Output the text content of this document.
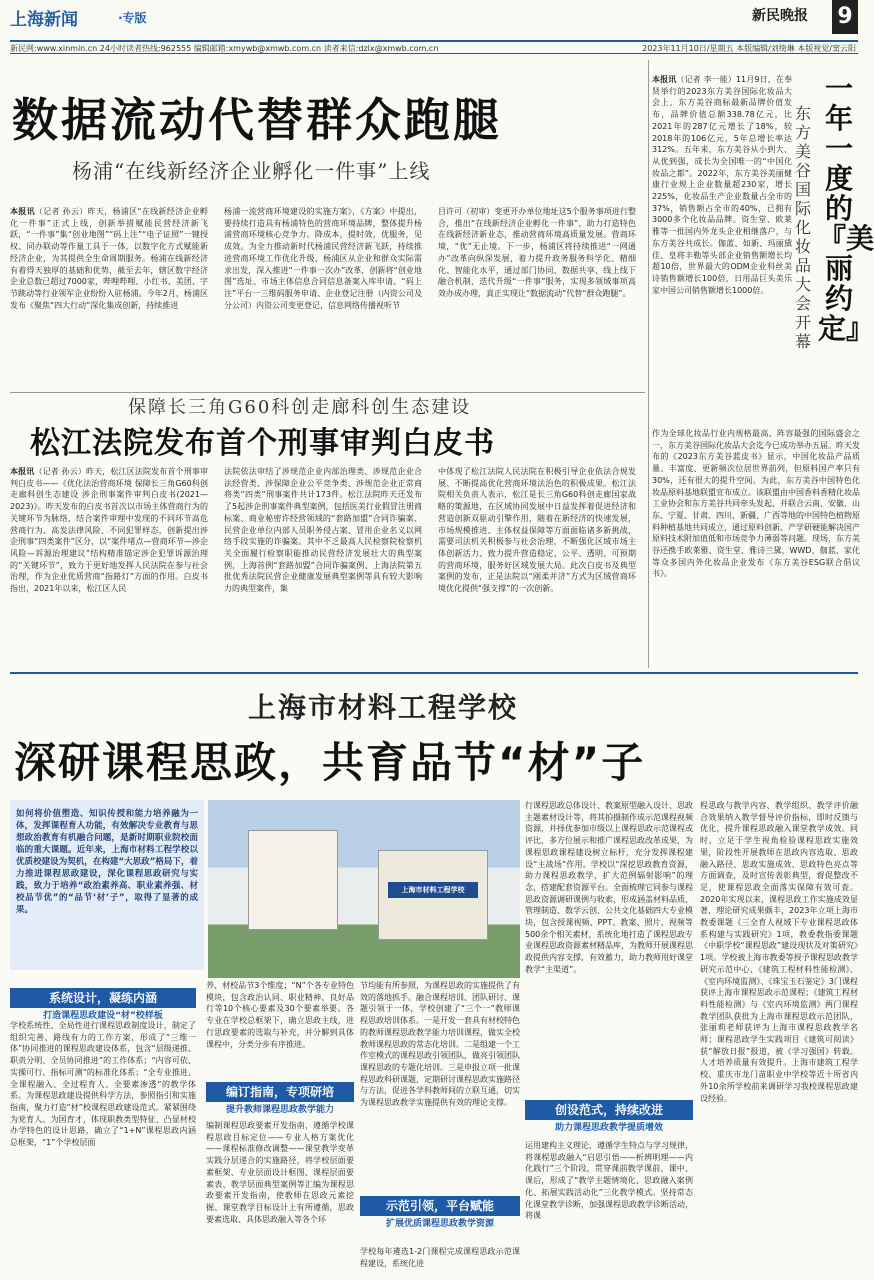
上海新闻	·专版	新民晚报 9
新民网:www.xinmin.cn 24小时读者热线:962555 编辑邮箱:xmywb@xmwb.com.cn 读者来信:dzlx@xmwb.com.cn	2023年11月10日/星期五 本版编辑/刘绮琳 本版视觉/窦云阳
数据流动代替群众跑腿
杨浦“在线新经济企业孵化一件事”上线
本报讯（记者 孙云）昨天，杨浦区“在线新经济企业孵化一件事”正式上线，创新举措赋能民营经济新飞跃，“一件事”集“创业地图”“码上注”“电子证照”一键授权、同办联动等作量工具于一体，以数字化方式赋能新经济企业，为其提供全生命周期服务。杨浦在线新经济有着得天独厚的基础和优势，截至去年，辖区数字经济企业总数已超过7000家，哔哩哔哩、小红书、美团、字节跳动等行业领军企业纷纷入驻杨浦。今年2月，杨浦区发布《聚焦“四大行动”深化集成创新，持续推进
杨浦一流营商环境建设的实施方案》，《方案》中提出，要持续打造具有杨浦特色的营商环境品牌，整体提升杨浦营商环境核心竞争力。降成本，提时效，优服务，见成效。为全力推动新时代杨浦民营经济新飞跃，持续推进营商环境工作优化升级，杨浦区从企业和群众实际需求出发，深入推进“一件事一次办”改革，创新将“创业地图”选址、市场主体信息合同信息备案入库申请、“码上注”平台一三维码服务申请、企业登记注册（内资公司及分公司）内资公司变更登记，信息网络传播视听节
目许可（初审）变更开办单位地址这5个服务事项进行整合，推出“在线新经济企业孵化一件事”，助力打造特色在线新经济新业态，推动营商环境高质量发展。营商环境，“优”无止境。下一步，杨浦区将持续推进“一网通办”改革向纵深发展，着力提升政务服务科学化、精细化、智能化水平，通过部门协同、数据共享、线上线下融合机制，迭代升级“一件事”服务，实现多领域事项高效办成办理，真正实现让“数据流动”代替“群众跑腿”。
保障长三角G60科创走廊科创生态建设
松江法院发布首个刑事审判白皮书
本报讯（记者 孙云）昨天，松江区法院发布首个刑事审判白皮书——《优化法治营商环境 保障长三角G60科创走廊科创生态建设 涉企刑事案件审判白皮书(2021—2023)》。昨天发布的白皮书首次以市场主体营商行为的关键环节为脉络，结合案件审理中发现的不同环节高危营商行为、高发法律风险、不同犯罪样态，创新提出涉企刑事“四类案件”区分，以“案件堵点—营商环节—涉企风险—诉源治理建议”结构精准锚定涉企犯罪诉源治理的“关键环节”，致力于更好地发挥人民法院在参与社会治理，作为企业优质营商“指路灯”方面的作用。白皮书指出，2021年以来，松江区人民
法院依法审结了涉规范企业内部治理类、涉规范企业合法经营类、涉保障企业公平竞争类、涉规范企业正常商将类“四类”刑事案件共计173件。松江法院昨天还发布了5起涉企刑事案件典型案例，包括医美行业假冒注册商标案、商业秘密许经营领域的“套路加盟”合同诈骗案、民营企业单位内部人员职务侵占案、冒用企业名义以网络手段实施的诈骗案。其中不乏最高人民检察院检察机关全面履行检察职能推动民营经济发展壮大的典型案例，上海首例“套路加盟”合同诈骗案例、上海法院第五批优秀法院民营企业健康发展典型案例等具有较大影响力的典型案件，集
中体现了松江法院人民法院在积极引导企业依法合规发展、不断提高优化营商环境法治色的积极成果。松江法院相关负责人表示，松江是长三角G60科创走廊国家战略的策源地，在区域协同发展中日益发挥着促进经济和营造创新双驱动引擎作用，随着在新经济的快速发展，市场规模推进、主体权益保障等方面面临诸多新挑战，需要司法机关积极参与社会治理，不断强化区域市场主体创新活力、致力提升营造稳定、公平、透明、可预期的营商环境，服务好区域发展大局。此次白皮书及典型案例的发布，正是法院以“刚柔并济”方式为区域营商环境优化提供“强支撑”的一次创新。
本报讯（记者 李一能）11月9日，在奉贤举行的2023东方美谷国际化妆品大会上，东方美谷商标最新品牌价值发布，品牌价值总额338.78亿元，比2021年的287亿元增长了18%，较2018年的106亿元，5年总增长率达312%。五年来，东方美谷从小到大、从优到强，成长为全国唯一的“中国化妆品之都”。2022年，东方美谷美丽健康行业规上企业数量超230家，增长225%，化妆品生产企业数量占全市的37%，销售额占全市的40%，已拥有3000多个化妆品品牌。资生堂、欧莱雅等一批国内外龙头企业相继落户，与东方美谷共成长。伽蓝、如新、玛丽黛佳、皇将丰勒等头部企业销售额增长均超10倍，世界最大的ODM企业科丝美诗销售额增长100倍，日用品巨头美乐家中国公司销售额增长1000倍。
作为全球化妆品行业内规格最高、阵容最强的国际盛会之一，东方美谷国际化妆品大会迄今已成功举办五届。昨天发布的《2023东方美谷蓝皮书》显示，中国化妆品产品质量、丰富度、更新频次位居世界前列，但原料国产率只有30%，还有很大的提升空间。为此，东方美谷中国特色化妆品原料基地联盟宣布成立。该联盟由中国香料香精化妆品工业协会和东方美谷共同牵头发起，并联合云南、安徽、山东、宁夏、甘肃、四川、新疆、广西等地的中国特色植物原料种植基地共同成立，通过原料创新、产学研硬能解决国产原料技术附加值低和市场竞争力薄弱等问题。现场，东方美谷还携手欧莱雅、资生堂、雅诗兰黛、WWD、伽蓝、家化等众多国内外化妆品企业发布《东方美谷ESG联合倡议书》。
东方美谷国际化妆品大会开幕
一年一度的『美丽约定』
上海市材料工程学校
深研课程思政，共育品节“材”子
如何将价值塑造、知识传授和能力培养融为一体，发挥课程育人功能，有效解决专业教育与思想政治教育有机融合问题，是新时期职业院校面临的重大课题。近年来，上海市材料工程学校以优质校建设为契机，在构建“大思政”格局下，着力推进课程思政建设，深化课程思政研究与实践，致力于培养“政治素养高、职业素养强、材校品节优”的“品节‘材’子”，取得了显著的成果。
上海市材料工程学校
系统设计，凝练内涵
打造课程思政建设“材”校样板
学校系统性、全局性进行课程思政制度设计，制定了组织完善、路线有力的工作方案，形成了“三维一体”协同推进的课程思政建设体系，包含“层级递推、职责分明、全员协同推进”的工作体系；“内容可依、实操可行、指标可测”的标准化体系；“全专业推进、全课程融入、全过程育人、全要素渗透”的教学体系。为课程思政建设提供科学方法，参照指引和实施指南，聚力打造“材”校课程思政建设范式。紧紧围绕为党育人、为国育才，体现职教类型特征、凸显材校办学特色的设计思路，确立了“1+N”课程思政内涵总框架，“1”个学校层面
养、材校品节3个维度；“N”个各专业特色模块，包含政治认同、职业精神、良好品行等10个核心要素及30个要素举要。各专业在学校总框架下，确立思政主线，进行思政要素的选取与补充，并分解到具体课程中，分类分步有序推进。
编订指南，专项研培
提升教师课程思政教学能力
编制课程思政要素开发指南，遵循学校课程思政目标定位——专业人格方案优化——课程标准修改调整——课堂教学变革实践分层递合的实施路径，将学校层面要素框架、专业层面设计框图、课程层面要素表、教学层面典型案例等汇编为课程思政要素开发指南，使教师在思政元素挖掘、课堂教学目标设计上有所遵循，思政要素选取、具体思政融入等各个环
节均能有所参照，为课程思政的实施提供了有效的落地抓手。融合课程培训、团队研讨、课题引领于一体，学校创建了“三个一”教师课程思政培训体系。一是开发一套具有材校特色的教师课程思政教学能力培训课程，做实全校教师课程思政的常态化培训。二是组建一个工作室模式的课程思政引领团队，做亮引领团队课程思政的专题化培训。三是申报立项一批课程思政科研课题，定期研讨课程思政实施路径与方法，促进各学科教师间的立联互通，切实为课程思政教学实施提供有效的理论支撑。
示范引领，平台赋能
扩展优质课程思政教学资源
学校每年遴选1-2门课程完成课程思政示范课程建设，系统化进
行课程思政总体设计、教案原型融入设计、思政主题素材设计等，将其拍摄制作成示范课程视频资源，并择优参加市级以上课程思政示范课程或评比，多方位展示和推广课程思政改革成果，为课程思政课程建设树立标杆，充分发挥课程建设“主战场”作用。学校以“深挖思政教育资源，助力课程思政教学，扩大范例辐射影响”的理念，搭建配套资源平台。全面梳理它同参与课程思政资源调研课例与收索，形成涵盖材料品质、管理制造、数学云创、公共文化基础四大专业模块，包含授课视频、PPT、教案、照片、视频等500余个相关素材，系统化地打造了课程思政专业课程思政资源素材精品库，为教师开展课程思政提供内容支撑，有效蓄力，助力教师用好课堂教学“主渠道”。
创设范式，持续改进
助力课程思政教学提质增效
运用建构主义理论，遵循学生特点与学习规律，将课程思政融入“启思引悟——析辨明理——内化践行”三个阶段，贯穿课前教学课前、课中、课后，形成了“教学主题情境化、思政融入案例化、拓展实践活动化”三化教学模式。坚持常态化课堂教学诊断，加强课程思政教学诊断活动，将课
程思政与教学内容、教学组织、教学评价融合效果纳入教学督导评价指标，即时反馈与优化，提升课程思政融入课堂教学成效。同时，立足于学生视角检验课程思政实施效果，阶段性开展教师在思政内容选取、思政融入路径、思政实施成效、思政特色亮点等方面调查，及时宣传表彰典型，督促整改不足，使课程思政全面落实保障有效可查。2020年实现以来，课程思政工作实施成效显著，理论研究成果颇丰，2023年立项上海市教委课题《三全育人视域下专业课程思政体系构建与实践研究》1项，教委教指委课题《中职学校“课程思政”建设现状及对策研究》1项。学校被上海市教委等授予课程思政教学研究示范中心、《建筑工程材料性能检测》、《室内环境监测》、《珠宝玉石鉴定》3门课程获评上海市课程思政示范课程；《建筑工程材料性能检测》与《室内环境监测》两门课程教学团队获批为上海市课程思政示范团队，张丽莉老师获评为上海市课程思政教学名师；课程思政学生实践项目《建筑可阅读》获“解放日报”报道，被《学习强国》转载。人才培养质量有效提升。上海市建筑工程学校、重庆市龙门苗职业中学校等近十所省内外10余所学校前来调研学习我校课程思政建设经验。
